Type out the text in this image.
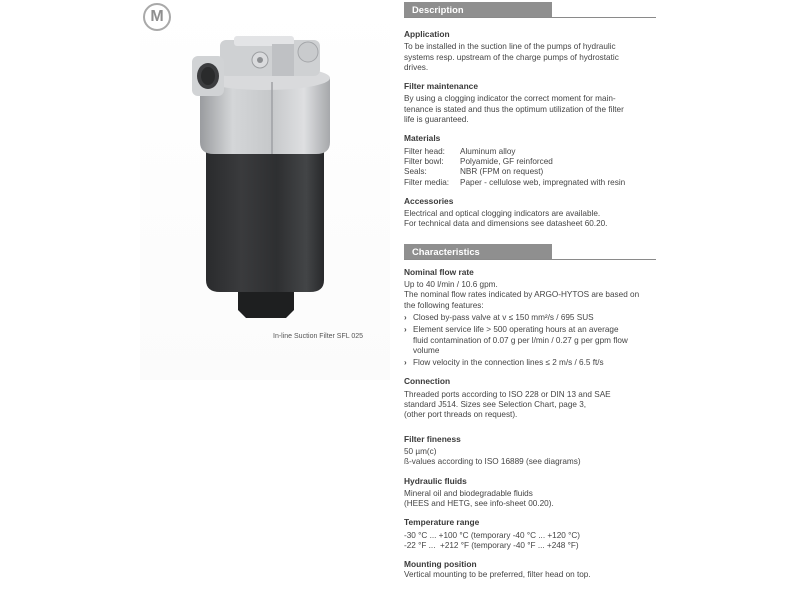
M
In-line Suction Filter SFL 025
Description

Application

To be installed in the suction line of the pumps of hydraulic

systems resp. upstream of the charge pumps of hydrostatic

drives.

Filter maintenance

By using a clogging indicator the correct moment for main-

tenance is stated and thus the optimum utilization of the filter

life is guaranteed.

Materials

Filter head:	Aluminum alloy
Filter bowl:	Polyamide, GF reinforced
Seals:	NBR (FPM on request)
Filter media:	Paper - cellulose web, impregnated with resin

Accessories

Electrical and optical clogging indicators are available.

For technical data and dimensions see datasheet 60.20.

Characteristics

Nominal flow rate

Up to 40 l/min / 10.6 gpm.

The nominal flow rates indicated by ARGO-HYTOS are based on

the following features:

› Closed by-pass valve at v ≤ 150 mm²/s / 695 SUS
› Element service life > 500 operating hours at an average
fluid contamination of 0.07 g per l/min / 0.27 g per gpm flow
volume
› Flow velocity in the connection lines ≤ 2 m/s / 6.5 ft/s

Connection

Threaded ports according to ISO 228 or DIN 13 and SAE

standard J514. Sizes see Selection Chart, page 3,

(other port threads on request).

Filter fineness

50 µm(c)

ß-values according to ISO 16889 (see diagrams)

Hydraulic fluids

Mineral oil and biodegradable fluids

(HEES and HETG, see info-sheet 00.20).

Temperature range

-30 °C ... +100 °C (temporary -40 °C ... +120 °C)

-22 °F ...  +212 °F (temporary -40 °F ... +248 °F)

Mounting position

Vertical mounting to be preferred, filter head on top.
